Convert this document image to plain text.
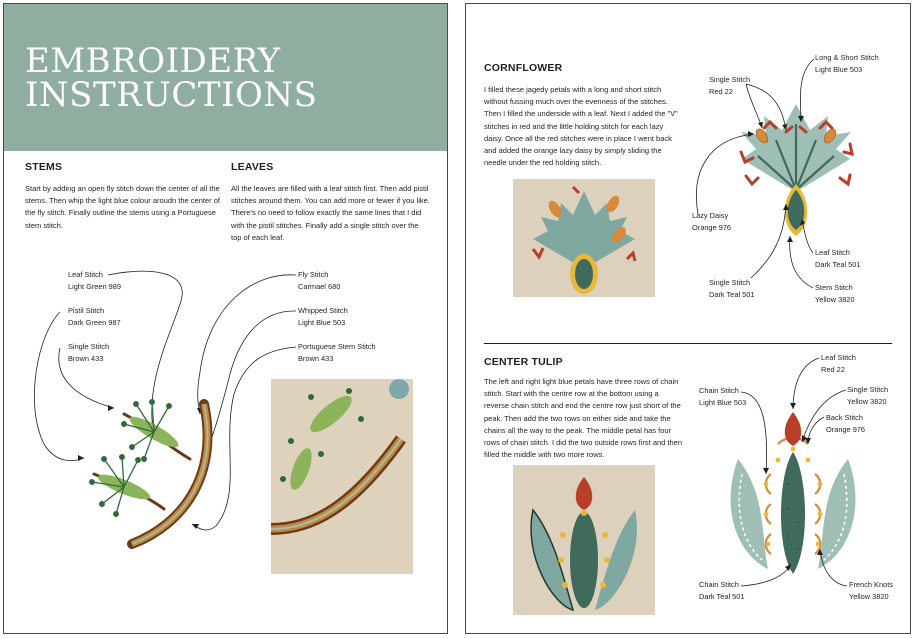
EMBROIDERY
INSTRUCTIONS
STEMS

Start by adding an open fly stitch down the center of all the stems. Then whip the light blue colour aroudn the center of the fly stitch. Finally outline the stems using a Portuguese stem stitch.

LEAVES

All the leaves are filled with a leaf stitch first. Then add pistil stitches around them. You can add more or fewer if you like. There's no need to follow exactly the same lines that I did with the pistil stitches. Finally add a single stitch over the top of each leaf.

Leaf Stitch
Light Green 989
Pistil Stitch
Dark Green 987
Single Stitch
Brown 433
Fly Stitch
Carmael 680
Whipped Stitch
Light Blue 503
Portuguese Stem Stitch
Brown 433
CORNFLOWER

I filled these jagedy petals with a long and short stitch without fussing much over the evenness of the stitches. Then I filled the underside with a leaf. Next I added the "V" stitches in red and the little holding stitch for each lazy daisy. Once all the red stitches were in place I went back and added the orange lazy daisy by simply sliding the needle under the red holding stitch.

Long & Short Stitch
Light Blue 503
Single Stitch
Red 22
Lazy Daisy
Orange 976
Leaf Stitch
Dark Teal 501
Single Stitch
Dark Teal 501
Stem Stitch
Yellow 3820
CENTER TULIP

The left and right light blue petals have three rows of chain stitch. Start with the centre row at the bottom using a reverse chain stitch and end the centre row just short of the peak. Then add the two rows on either side and take the chains all the way to the peak. The middle petal has four rows of chain stitch. I did the two outside rows first and then filled the middle with two more rows.

Leaf Stitch
Red 22
Chain Stitch
Light Blue 503
Single Stitch
Yellow 3820
Back Stitch
Orange 976
Chain Stitch
Dark Teal 501
French Knots
Yellow 3820
